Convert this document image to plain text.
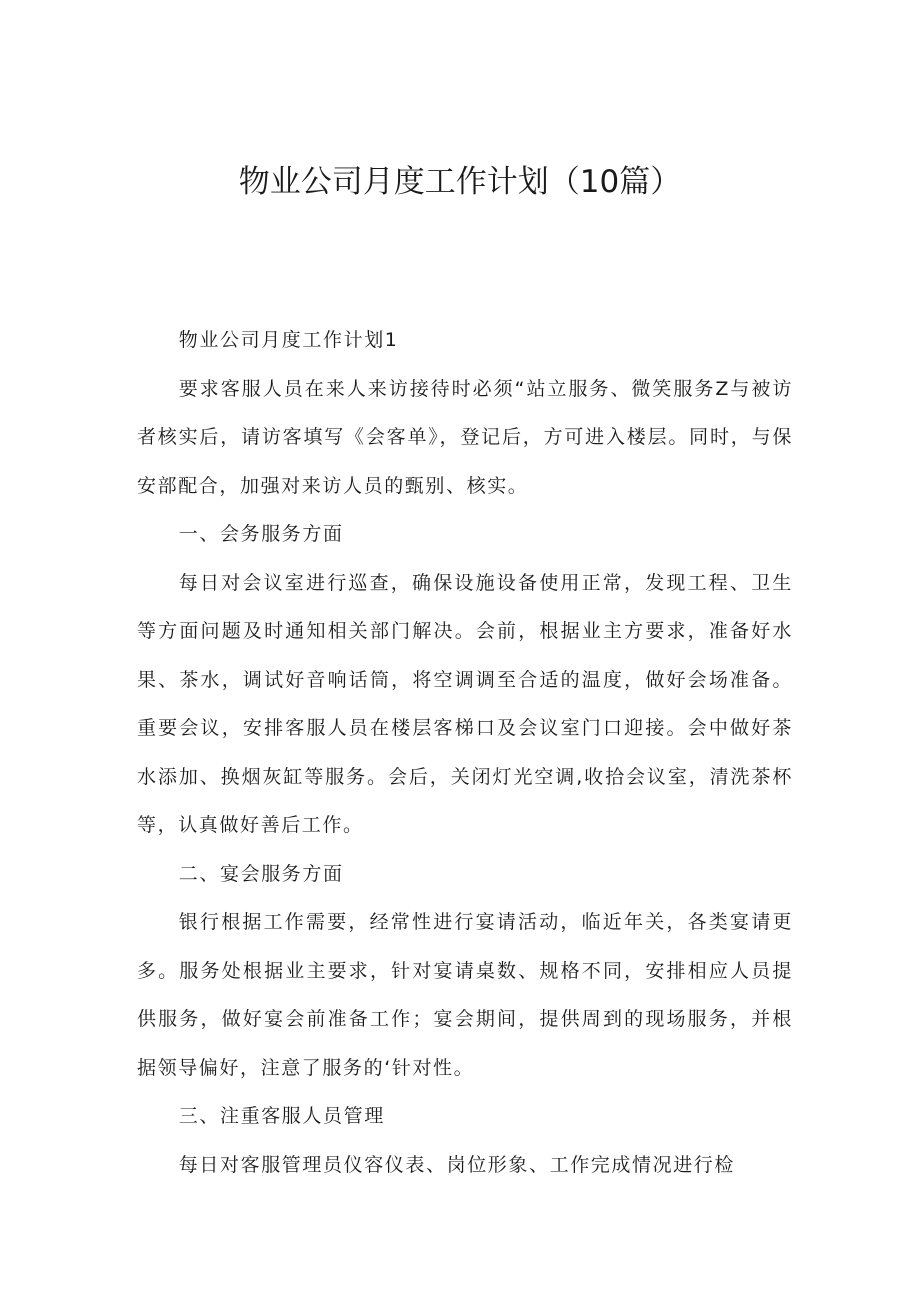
物业公司月度工作计划（10篇）

物业公司月度工作计划1

要求客服人员在来人来访接待时必须“站立服务、微笑服务Z与被访者核实后，请访客填写《会客单》，登记后，方可进入楼层。同时，与保安部配合，加强对来访人员的甄别、核实。

一、会务服务方面

每日对会议室进行巡查，确保设施设备使用正常，发现工程、卫生等方面问题及时通知相关部门解决。会前，根据业主方要求，准备好水果、茶水，调试好音响话筒，将空调调至合适的温度，做好会场准备。重要会议，安排客服人员在楼层客梯口及会议室门口迎接。会中做好茶水添加、换烟灰缸等服务。会后，关闭灯光空调,收拾会议室，清洗茶杯等，认真做好善后工作。

二、宴会服务方面

银行根据工作需要，经常性进行宴请活动，临近年关，各类宴请更多。服务处根据业主要求，针对宴请桌数、规格不同，安排相应人员提供服务，做好宴会前准备工作；宴会期间，提供周到的现场服务，并根据领导偏好，注意了服务的‘针对性。

三、注重客服人员管理

每日对客服管理员仪容仪表、岗位形象、工作完成情况进行检
